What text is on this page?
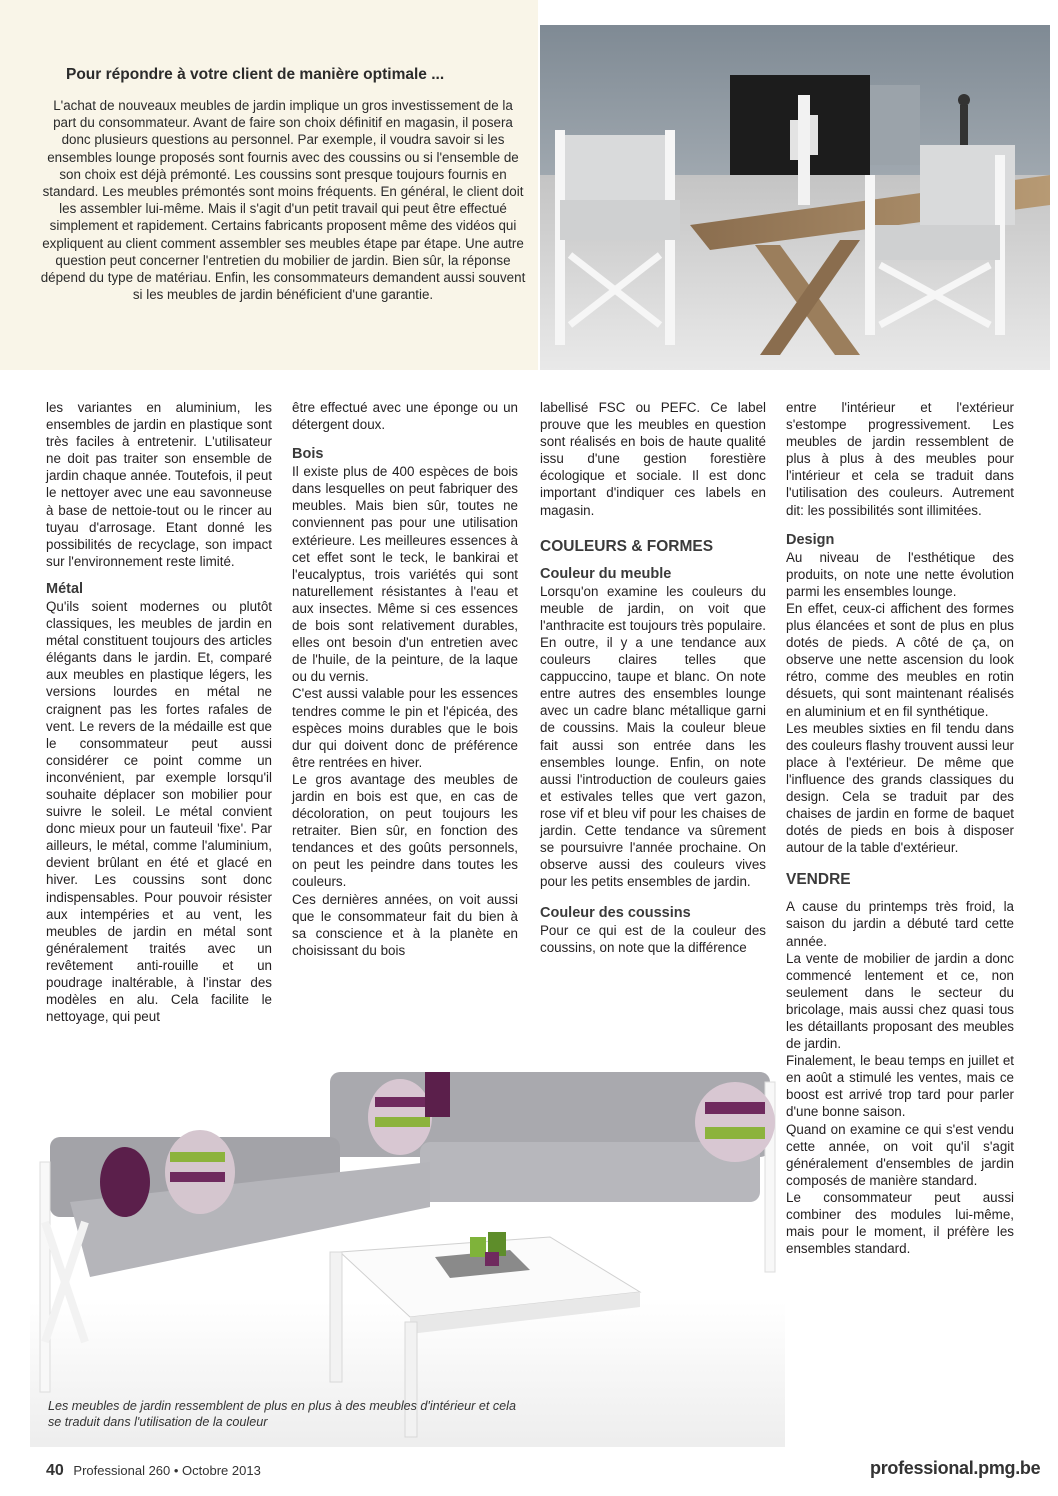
Pour répondre à votre client de manière optimale ...

L'achat de nouveaux meubles de jardin implique un gros investissement de la part du consommateur. Avant de faire son choix définitif en magasin, il posera donc plusieurs questions au personnel. Par exemple, il voudra savoir si les ensembles lounge proposés sont fournis avec des coussins ou si l'ensemble de son choix est déjà prémonté. Les coussins sont presque toujours fournis en standard. Les meubles prémontés sont moins fréquents. En général, le client doit les assembler lui-même. Mais il s'agit d'un petit travail qui peut être effectué simplement et rapidement. Certains fabricants proposent même des vidéos qui expliquent au client comment assembler ses meubles étape par étape. Une autre question peut concerner l'entretien du mobilier de jardin. Bien sûr, la réponse dépend du type de matériau. Enfin, les consommateurs demandent aussi souvent si les meubles de jardin bénéficient d'une garantie.

les variantes en aluminium, les ensembles de jardin en plastique sont très faciles à entretenir. L'utilisateur ne doit pas traiter son ensemble de jardin chaque année. Toutefois, il peut le nettoyer avec une eau savonneuse à base de nettoie-tout ou le rincer au tuyau d'arrosage. Etant donné les possibilités de recyclage, son impact sur l'environnement reste limité.

Métal

Qu'ils soient modernes ou plutôt classiques, les meubles de jardin en métal constituent toujours des articles élégants dans le jardin. Et, comparé aux meubles en plastique légers, les versions lourdes en métal ne craignent pas les fortes rafales de vent. Le revers de la médaille est que le consommateur peut aussi considérer ce point comme un inconvénient, par exemple lorsqu'il souhaite déplacer son mobilier pour suivre le soleil. Le métal convient donc mieux pour un fauteuil 'fixe'. Par ailleurs, le métal, comme l'aluminium, devient brûlant en été et glacé en hiver. Les coussins sont donc indispensables. Pour pouvoir résister aux intempéries et au vent, les meubles de jardin en métal sont généralement traités avec un revêtement anti-rouille et un poudrage inaltérable, à l'instar des modèles en alu. Cela facilite le nettoyage, qui peut

être effectué avec une éponge ou un détergent doux.

Bois

Il existe plus de 400 espèces de bois dans lesquelles on peut fabriquer des meubles. Mais bien sûr, toutes ne conviennent pas pour une utilisation extérieure. Les meilleures essences à cet effet sont le teck, le bankirai et l'eucalyptus, trois variétés qui sont naturellement résistantes à l'eau et aux insectes. Même si ces essences de bois sont relativement durables, elles ont besoin d'un entretien avec de l'huile, de la peinture, de la laque ou du vernis.

C'est aussi valable pour les essences tendres comme le pin et l'épicéa, des espèces moins durables que le bois dur qui doivent donc de préférence être rentrées en hiver.

Le gros avantage des meubles de jardin en bois est que, en cas de décoloration, on peut toujours les retraiter. Bien sûr, en fonction des tendances et des goûts personnels, on peut les peindre dans toutes les couleurs.

Ces dernières années, on voit aussi que le consommateur fait du bien à sa conscience et à la planète en choisissant du bois

labellisé FSC ou PEFC. Ce label prouve que les meubles en question sont réalisés en bois de haute qualité issu d'une gestion forestière écologique et sociale. Il est donc important d'indiquer ces labels en magasin.

COULEURS & FORMES
Couleur du meuble

Lorsqu'on examine les couleurs du meuble de jardin, on voit que l'anthracite est toujours très populaire. En outre, il y a une tendance aux couleurs claires telles que cappuccino, taupe et blanc. On note entre autres des ensembles lounge avec un cadre blanc métallique garni de coussins. Mais la couleur bleue fait aussi son entrée dans les ensembles lounge. Enfin, on note aussi l'introduction de couleurs gaies et estivales telles que vert gazon, rose vif et bleu vif pour les chaises de jardin. Cette tendance va sûrement se poursuivre l'année prochaine. On observe aussi des couleurs vives pour les petits ensembles de jardin.

Couleur des coussins

Pour ce qui est de la couleur des coussins, on note que la différence

entre l'intérieur et l'extérieur s'estompe progressivement. Les meubles de jardin ressemblent de plus à plus à des meubles pour l'intérieur et cela se traduit dans l'utilisation des couleurs. Autrement dit: les possibilités sont illimitées.

Design

Au niveau de l'esthétique des produits, on note une nette évolution parmi les ensembles lounge.

En effet, ceux-ci affichent des formes plus élancées et sont de plus en plus dotés de pieds. A côté de ça, on observe une nette ascension du look rétro, comme des meubles en rotin désuets, qui sont maintenant réalisés en aluminium et en fil synthétique.

Les meubles sixties en fil tendu dans des couleurs flashy trouvent aussi leur place à l'extérieur. De même que l'influence des grands classiques du design. Cela se traduit par des chaises de jardin en forme de baquet dotés de pieds en bois à disposer autour de la table d'extérieur.

VENDRE

A cause du printemps très froid, la saison du jardin a débuté tard cette année.

La vente de mobilier de jardin a donc commencé lentement et ce, non seulement dans le secteur du bricolage, mais aussi chez quasi tous les détaillants proposant des meubles de jardin.

Finalement, le beau temps en juillet et en août a stimulé les ventes, mais ce boost est arrivé trop tard pour parler d'une bonne saison.

Quand on examine ce qui s'est vendu cette année, on voit qu'il s'agit généralement d'ensembles de jardin composés de manière standard.

Le consommateur peut aussi combiner des modules lui-même, mais pour le moment, il préfère les ensembles standard.

Les meubles de jardin ressemblent de plus en plus à des meubles d'intérieur et cela se traduit dans l'utilisation de la couleur

40 Professional 260 • Octobre 2013	professional.pmg.be
